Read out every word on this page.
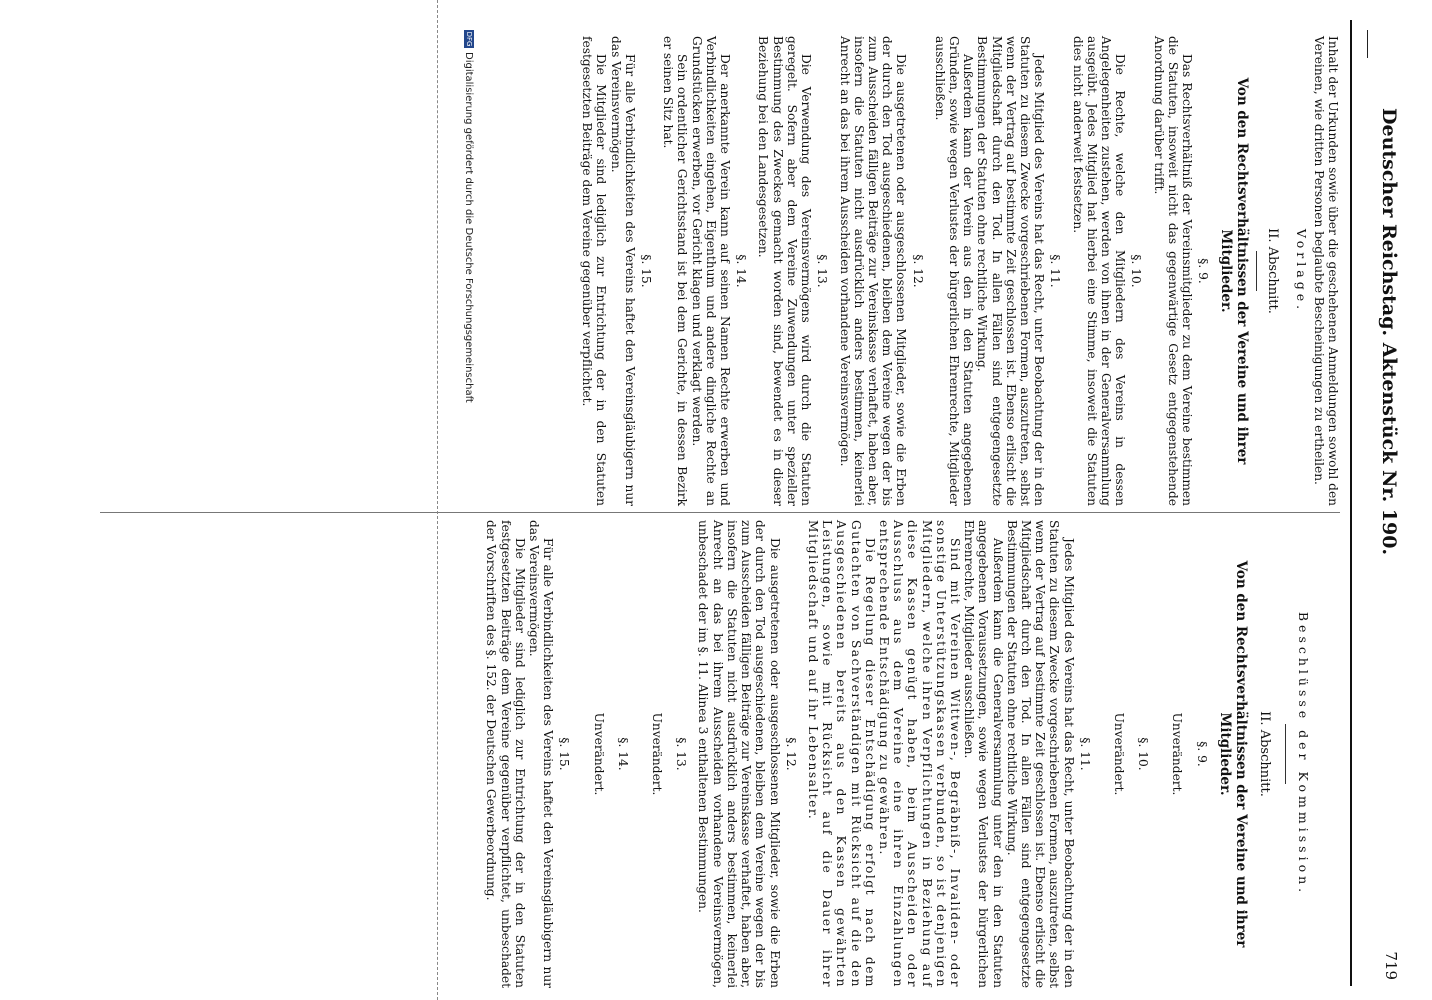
Deutscher Reichstag. Aktenstück Nr. 190.
719

Inhalt der Urkunden sowie über die geschehenen Anmeldungen sowohl den Vereinen, wie dritten Personen beglaubte Bescheinigungen zu ertheilen.

Vorlage.
II. Abschnitt.
Von den Rechtsverhältnissen der Vereine und ihrer Mitglieder.
§. 9.

Das Rechtsverhältniß der Vereinsmitglieder zu dem Vereine bestimmen die Statuten, insoweit nicht das gegenwärtige Gesetz entgegenstehende Anordnung darüber trifft.

§. 10.

Die Rechte, welche den Mitgliedern des Vereins in dessen Angelegenheiten zustehen, werden von ihnen in der Generalversammlung ausgeübt. Jedes Mitglied hat hierbei eine Stimme, insoweit die Statuten dies nicht anderweit festsetzen.

§. 11.

Jedes Mitglied des Vereins hat das Recht, unter Beobachtung der in den Statuten zu diesem Zwecke vorgeschriebenen Formen, auszutreten, selbst wenn der Vertrag auf bestimmte Zeit geschlossen ist. Ebenso erlischt die Mitgliedschaft durch den Tod. In allen Fällen sind entgegengesetzte Bestimmungen der Statuten ohne rechtliche Wirkung.

Außerdem kann der Verein aus den in den Statuten angegebenen Gründen, sowie wegen Verlustes der bürgerlichen Ehrenrechte, Mitglieder ausschließen.

§. 12.

Die ausgetretenen oder ausgeschlossenen Mitglieder, sowie die Erben der durch den Tod ausgeschiedenen, bleiben dem Vereine wegen der bis zum Ausscheiden fälligen Beiträge zur Vereinskasse verhaftet, haben aber, insofern die Statuten nicht ausdrücklich anders bestimmen, keinerlei Anrecht an das bei ihrem Ausscheiden vorhandene Vereinsvermögen.

§. 13.

Die Verwendung des Vereinsvermögens wird durch die Statuten geregelt. Sofern aber dem Vereine Zuwendungen unter spezieller Bestimmung des Zweckes gemacht worden sind, bewendet es in dieser Beziehung bei den Landesgesetzen.

§. 14.

Der anerkannte Verein kann auf seinen Namen Rechte erwerben und Verbindlichkeiten eingehen, Eigenthum und andere dingliche Rechte an Grundstücken erwerben, vor Gericht klagen und verklagt werden.

Sein ordentlicher Gerichtsstand ist bei dem Gerichte, in dessen Bezirk er seinen Sitz hat.

§. 15.

Für alle Verbindlichkeiten des Vereins haftet den Vereinsgläubigern nur das Vereinsvermögen.

Die Mitglieder sind lediglich zur Entrichtung der in den Statuten festgesetzten Beiträge dem Vereine gegenüber verpflichtet.

Beschlüsse der Kommission.
II. Abschnitt.
Von den Rechtsverhältnissen der Vereine und ihrer Mitglieder.
§. 9.
Unverändert.
§. 10.
Unverändert.
§. 11.

Jedes Mitglied des Vereins hat das Recht, unter Beobachtung der in den Statuten zu diesem Zwecke vorgeschriebenen Formen, auszutreten, selbst wenn der Vertrag auf bestimmte Zeit geschlossen ist. Ebenso erlischt die Mitgliedschaft durch den Tod. In allen Fällen sind entgegengesetzte Bestimmungen der Statuten ohne rechtliche Wirkung.

Außerdem kann die Generalversammlung unter den in den Statuten angegebenen Voraussetzungen, sowie wegen Verlustes der bürgerlichen Ehrenrechte, Mitglieder ausschließen.

Sind mit Vereinen Wittwen-, Begräbniß-, Invaliden- oder sonstige Unterstützungskassen verbunden, so ist denjenigen Mitgliedern, welche ihren Verpflichtungen in Beziehung auf diese Kassen genügt haben, beim Ausscheiden oder Ausschluss aus dem Vereine eine ihren Einzahlungen entsprechende Entschädigung zu gewähren.

Die Regelung dieser Entschädigung erfolgt nach dem Gutachten von Sachverständigen mit Rücksicht auf die den Ausgeschiedenen bereits aus den Kassen gewährten Leistungen, sowie mit Rücksicht auf die Dauer ihrer Mitgliedschaft und auf ihr Lebensalter.

§. 12.

Die ausgetretenen oder ausgeschlossenen Mitglieder, sowie die Erben der durch den Tod ausgeschiedenen, bleiben dem Vereine wegen der bis zum Ausscheiden fälligen Beiträge zur Vereinskasse verhaftet, haben aber, insofern die Statuten nicht ausdrücklich anders bestimmen, keinerlei Anrecht an das bei ihrem Ausscheiden vorhandene Vereinsvermögen, unbeschadet der im §. 11. Alinea 3 enthaltenen Bestimmungen.

§. 13.
Unverändert.
§. 14.
Unverändert.
§. 15.

Für alle Verbindlichkeiten des Vereins haftet den Vereinsgläubigern nur das Vereinsvermögen.

Die Mitglieder sind lediglich zur Entrichtung der in den Statuten festgesetzten Beiträge dem Vereine gegenüber verpflichtet, unbeschadet der Vorschriften des §. 152. der Deutschen Gewerbeordnung.

DFGDigitalisierung gefördert durch die Deutsche Forschungsgemeinschaft
